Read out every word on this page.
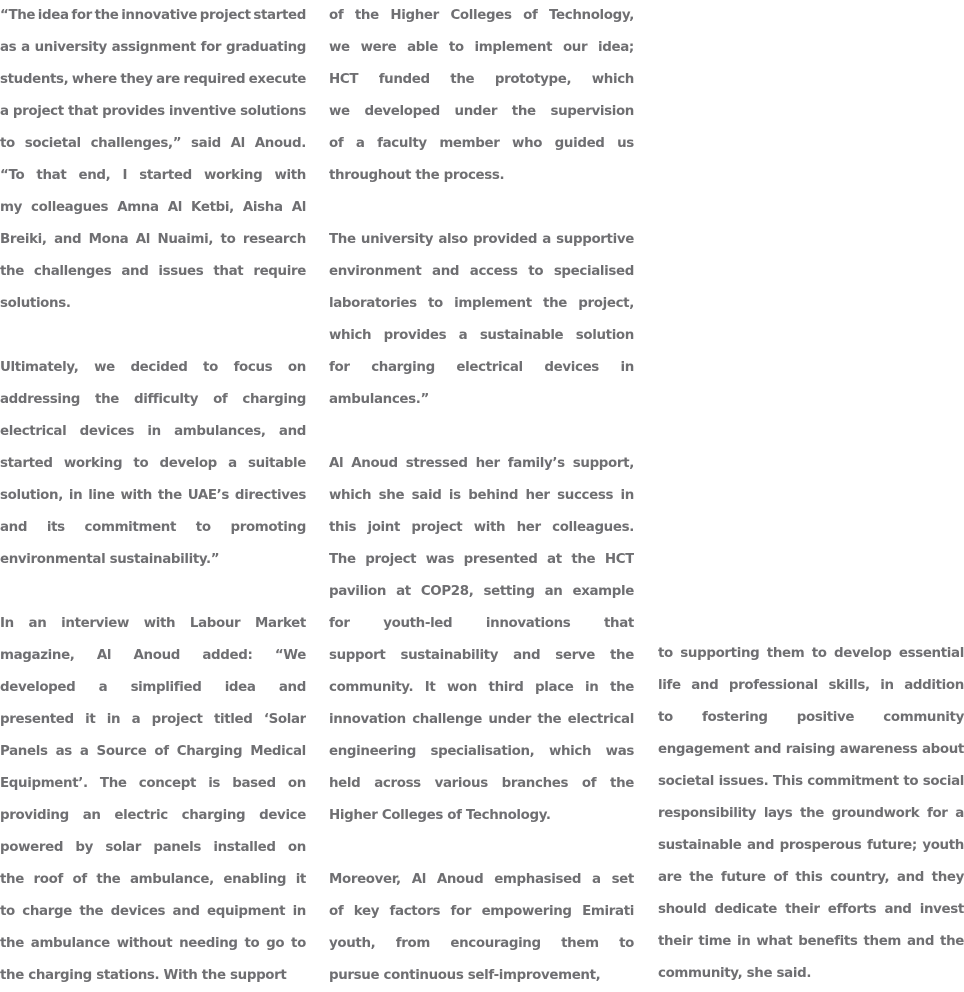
“The idea for the innovative project started
as a university assignment for graduating
students, where they are required execute
a project that provides inventive solutions
to societal challenges,” said Al Anoud.
“To that end, I started working with
my colleagues Amna Al Ketbi, Aisha Al
Breiki, and Mona Al Nuaimi, to research
the challenges and issues that require
solutions.
Ultimately, we decided to focus on
addressing the difficulty of charging
electrical devices in ambulances, and
started working to develop a suitable
solution, in line with the UAE’s directives
and its commitment to promoting
environmental sustainability.”
In an interview with Labour Market
magazine, Al Anoud added: “We
developed a simplified idea and
presented it in a project titled ‘Solar
Panels as a Source of Charging Medical
Equipment’. The concept is based on
providing an electric charging device
powered by solar panels installed on
the roof of the ambulance, enabling it
to charge the devices and equipment in
the ambulance without needing to go to
the charging stations. With the support
of the Higher Colleges of Technology,
we were able to implement our idea;
HCT funded the prototype, which
we developed under the supervision
of a faculty member who guided us
throughout the process.
The university also provided a supportive
environment and access to specialised
laboratories to implement the project,
which provides a sustainable solution
for charging electrical devices in
ambulances.”
Al Anoud stressed her family’s support,
which she said is behind her success in
this joint project with her colleagues.
The project was presented at the HCT
pavilion at COP28, setting an example
for	youth-led	innovations	that
support sustainability and serve the
community. It won third place in the
innovation challenge under the electrical
engineering specialisation, which was
held across various branches of the
Higher Colleges of Technology.
Moreover, Al Anoud emphasised a set
of key factors for empowering Emirati
youth, from encouraging them to
pursue continuous self-improvement,
to supporting them to develop essential
life and professional skills, in addition
to fostering positive community
engagement and raising awareness about
societal issues. This commitment to social
responsibility lays the groundwork for a
sustainable and prosperous future; youth
are the future of this country, and they
should dedicate their efforts and invest
their time in what benefits them and the
community, she said.
